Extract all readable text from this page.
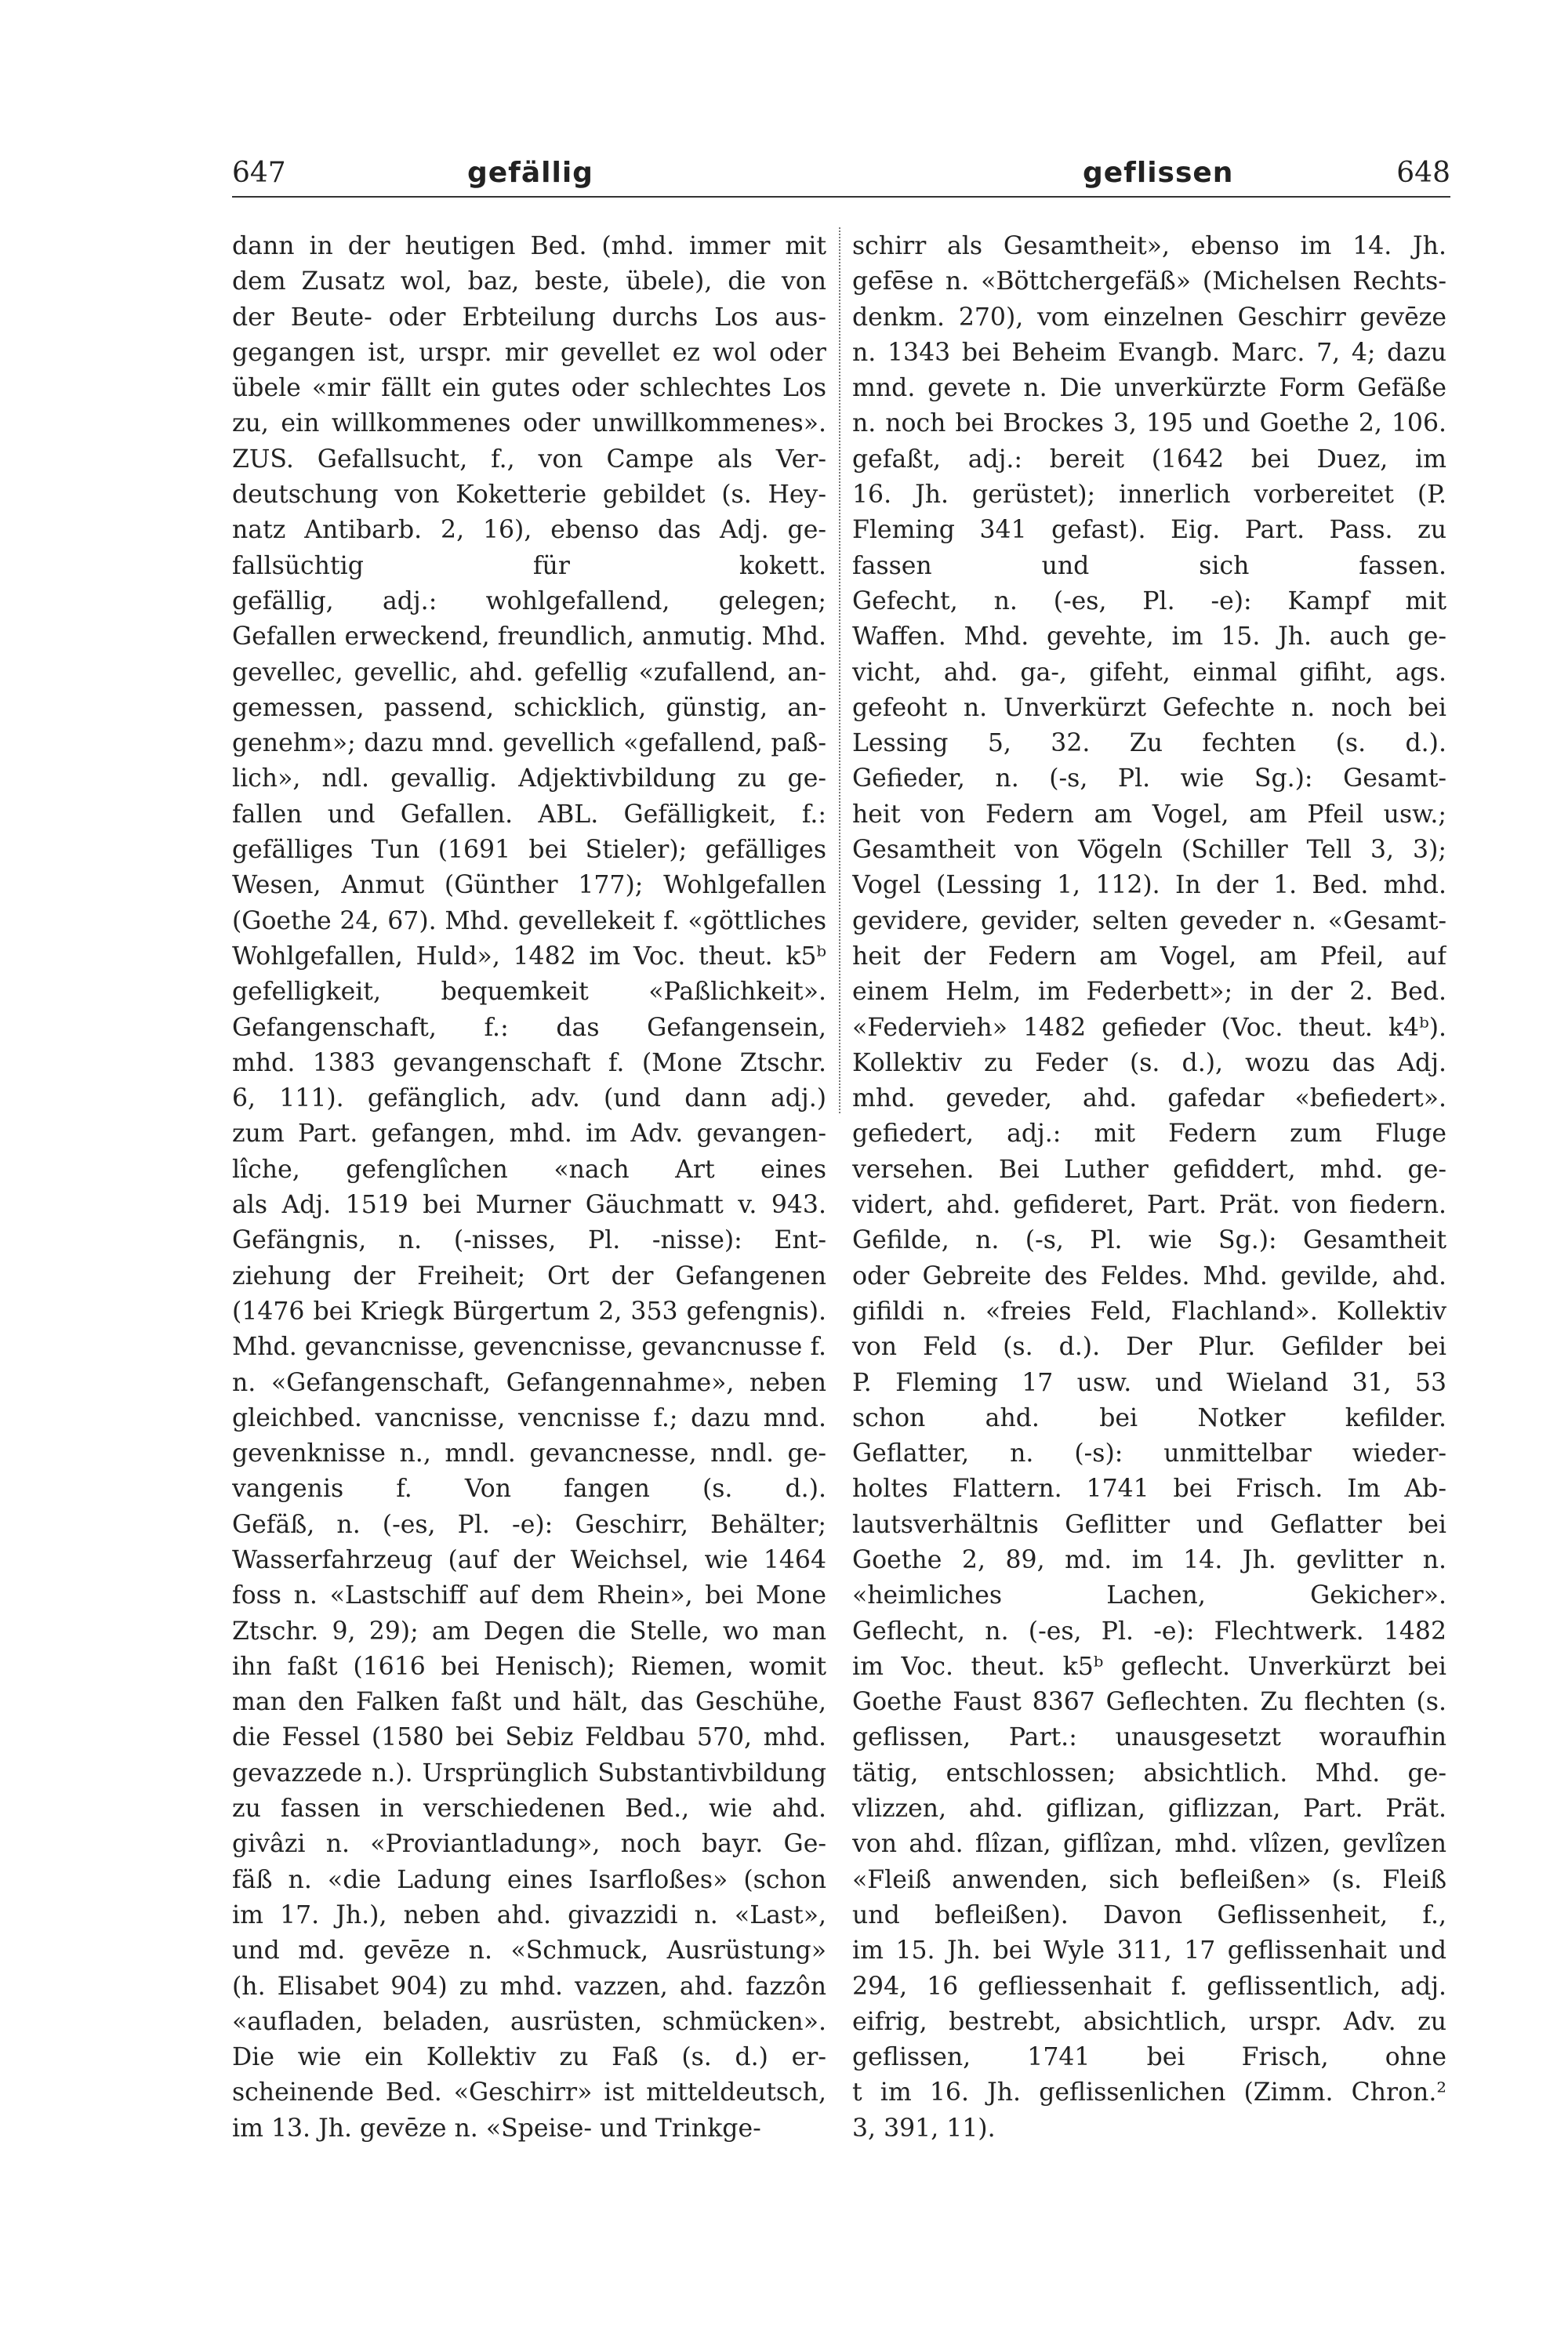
647	gefällig	geflissen	648
dann in der heutigen Bed. (mhd. immer mit
dem Zusatz wol, baz, beste, übele), die von
der Beute- oder Erbteilung durchs Los aus-
gegangen ist, urspr. mir gevellet ez wol oder
übele «mir fällt ein gutes oder schlechtes Los
zu, ein willkommenes oder unwillkommenes».
ZUS. Gefallsucht, f., von Campe als Ver-
deutschung von Koketterie gebildet (s. Hey-
natz Antibarb. 2, 16), ebenso das Adj. ge-
fallsüchtig für kokett.
gefällig, adj.: wohlgefallend, gelegen;
Gefallen erweckend, freundlich, anmutig. Mhd.
gevellec, gevellic, ahd. gefellig «zufallend, an-
gemessen, passend, schicklich, günstig, an-
genehm»; dazu mnd. gevellich «gefallend, paß-
lich», ndl. gevallig. Adjektivbildung zu ge-
fallen und Gefallen. ABL. Gefälligkeit, f.:
gefälliges Tun (1691 bei Stieler); gefälliges
Wesen, Anmut (Günther 177); Wohlgefallen
(Goethe 24, 67). Mhd. gevellekeit f. «göttliches
Wohlgefallen, Huld», 1482 im Voc. theut. k5ᵇ
gefelligkeit, bequemkeit «Paßlichkeit».
Gefangenschaft, f.: das Gefangensein,
mhd. 1383 gevangenschaft f. (Mone Ztschr.
6, 111). gefänglich, adv. (und dann adj.)
zum Part. gefangen, mhd. im Adv. gevangen-
lîche, gefenglîchen «nach Art eines
als Adj. 1519 bei Murner Gäuchmatt v. 943.
Gefängnis, n. (-nisses, Pl. -nisse): Ent-
ziehung der Freiheit; Ort der Gefangenen
(1476 bei Kriegk Bürgertum 2, 353 gefengnis).
Mhd. gevancnisse, gevencnisse, gevancnusse f.
n. «Gefangenschaft, Gefangennahme», neben
gleichbed. vancnisse, vencnisse f.; dazu mnd.
gevenknisse n., mndl. gevancnesse, nndl. ge-
vangenis f. Von fangen (s. d.).
Gefäß, n. (-es, Pl. -e): Geschirr, Behälter;
Wasserfahrzeug (auf der Weichsel, wie 1464
foss n. «Lastschiff auf dem Rhein», bei Mone
Ztschr. 9, 29); am Degen die Stelle, wo man
ihn faßt (1616 bei Henisch); Riemen, womit
man den Falken faßt und hält, das Geschühe,
die Fessel (1580 bei Sebiz Feldbau 570, mhd.
gevazzede n.). Ursprünglich Substantivbildung
zu fassen in verschiedenen Bed., wie ahd.
givâzi n. «Proviantladung», noch bayr. Ge-
fäß n. «die Ladung eines Isarfloßes» (schon
im 17. Jh.), neben ahd. givazzidi n. «Last»,
und md. gevēze n. «Schmuck, Ausrüstung»
(h. Elisabet 904) zu mhd. vazzen, ahd. fazzôn
«aufladen, beladen, ausrüsten, schmücken».
Die wie ein Kollektiv zu Faß (s. d.) er-
scheinende Bed. «Geschirr» ist mitteldeutsch,
im 13. Jh. gevēze n. «Speise- und Trinkge-
schirr als Gesamtheit», ebenso im 14. Jh.
gefēse n. «Böttchergefäß» (Michelsen Rechts-
denkm. 270), vom einzelnen Geschirr gevēze
n. 1343 bei Beheim Evangb. Marc. 7, 4; dazu
mnd. gevete n. Die unverkürzte Form Gefäße
n. noch bei Brockes 3, 195 und Goethe 2, 106.
gefaßt, adj.: bereit (1642 bei Duez, im
16. Jh. gerüstet); innerlich vorbereitet (P.
Fleming 341 gefast). Eig. Part. Pass. zu
fassen und sich fassen.
Gefecht, n. (-es, Pl. -e): Kampf mit
Waffen. Mhd. gevehte, im 15. Jh. auch ge-
vicht, ahd. ga-, gifeht, einmal gifiht, ags.
gefeoht n. Unverkürzt Gefechte n. noch bei
Lessing 5, 32. Zu fechten (s. d.).
Gefieder, n. (-s, Pl. wie Sg.): Gesamt-
heit von Federn am Vogel, am Pfeil usw.;
Gesamtheit von Vögeln (Schiller Tell 3, 3);
Vogel (Lessing 1, 112). In der 1. Bed. mhd.
gevidere, gevider, selten geveder n. «Gesamt-
heit der Federn am Vogel, am Pfeil, auf
einem Helm, im Federbett»; in der 2. Bed.
«Federvieh» 1482 gefieder (Voc. theut. k4ᵇ).
Kollektiv zu Feder (s. d.), wozu das Adj.
mhd. geveder, ahd. gafedar «befiedert».
gefiedert, adj.: mit Federn zum Fluge
versehen. Bei Luther gefiddert, mhd. ge-
vidert, ahd. gefideret, Part. Prät. von fiedern.
Gefilde, n. (-s, Pl. wie Sg.): Gesamtheit
oder Gebreite des Feldes. Mhd. gevilde, ahd.
gifildi n. «freies Feld, Flachland». Kollektiv
von Feld (s. d.). Der Plur. Gefilder bei
P. Fleming 17 usw. und Wieland 31, 53
schon ahd. bei Notker kefilder.
Geflatter, n. (-s): unmittelbar wieder-
holtes Flattern. 1741 bei Frisch. Im Ab-
lautsverhältnis Geflitter und Geflatter bei
Goethe 2, 89, md. im 14. Jh. gevlitter n.
«heimliches Lachen, Gekicher».
Geflecht, n. (-es, Pl. -e): Flechtwerk. 1482
im Voc. theut. k5ᵇ geflecht. Unverkürzt bei
Goethe Faust 8367 Geflechten. Zu flechten (s.
geflissen, Part.: unausgesetzt woraufhin
tätig, entschlossen; absichtlich. Mhd. ge-
vlizzen, ahd. giflizan, giflizzan, Part. Prät.
von ahd. flîzan, giflîzan, mhd. vlîzen, gevlîzen
«Fleiß anwenden, sich befleißen» (s. Fleiß
und befleißen). Davon Geflissenheit, f.,
im 15. Jh. bei Wyle 311, 17 geflissenhait und
294, 16 gefliessenhait f. geflissentlich, adj.
eifrig, bestrebt, absichtlich, urspr. Adv. zu
geflissen, 1741 bei Frisch, ohne
t im 16. Jh. geflissenlichen (Zimm. Chron.²
3, 391, 11).
